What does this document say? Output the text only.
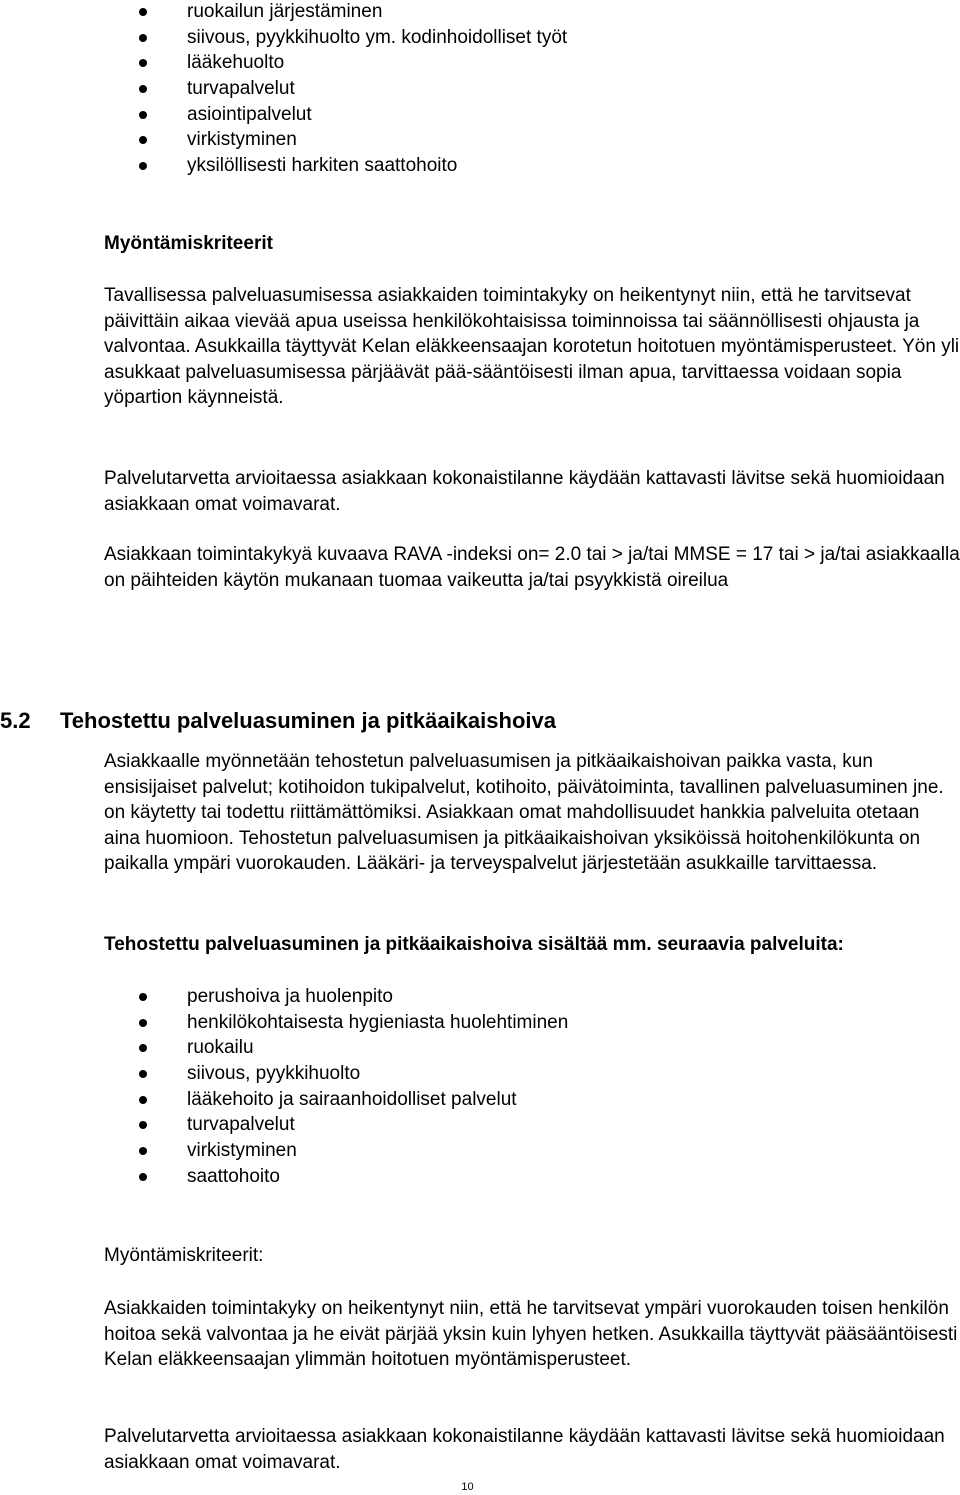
ruokailun järjestäminen
siivous, pyykkihuolto ym. kodinhoidolliset työt
lääkehuolto
turvapalvelut
asiointipalvelut
virkistyminen
yksilöllisesti harkiten saattohoito

Myöntämiskriteerit

Tavallisessa palveluasumisessa asiakkaiden toimintakyky on heikentynyt niin, että he tarvitsevat päivittäin aikaa vievää apua useissa henkilökohtaisissa toiminnoissa tai säännöllisesti ohjausta ja valvontaa. Asukkailla täyttyvät Kelan eläkkeensaajan korotetun hoitotuen myöntämisperusteet. Yön yli asukkaat palveluasumisessa pärjäävät pää-sääntöisesti ilman apua, tarvittaessa voidaan sopia yöpartion käynneistä.

Palvelutarvetta arvioitaessa asiakkaan kokonaistilanne käydään kattavasti lävitse sekä huomioidaan asiakkaan omat voimavarat.

Asiakkaan toimintakykyä kuvaava RAVA -indeksi on= 2.0 tai > ja/tai MMSE = 17 tai > ja/tai asiakkaalla on päihteiden käytön mukanaan tuomaa vaikeutta ja/tai psyykkistä oireilua

5.2 Tehostettu palveluasuminen ja pitkäaikaishoiva

Asiakkaalle myönnetään tehostetun palveluasumisen ja pitkäaikaishoivan paikka vasta, kun ensisijaiset palvelut; kotihoidon tukipalvelut, kotihoito, päivätoiminta, tavallinen palveluasuminen jne. on käytetty tai todettu riittämättömiksi. Asiakkaan omat mahdollisuudet hankkia palveluita otetaan aina huomioon. Tehostetun palveluasumisen ja pitkäaikaishoivan yksiköissä hoitohenkilökunta on paikalla ympäri vuorokauden. Lääkäri- ja terveyspalvelut järjestetään asukkaille tarvittaessa.

Tehostettu palveluasuminen ja pitkäaikaishoiva sisältää mm. seuraavia palveluita:

perushoiva ja huolenpito
henkilökohtaisesta hygieniasta huolehtiminen
ruokailu
siivous, pyykkihuolto
lääkehoito ja sairaanhoidolliset palvelut
turvapalvelut
virkistyminen
saattohoito

Myöntämiskriteerit:

Asiakkaiden toimintakyky on heikentynyt niin, että he tarvitsevat ympäri vuorokauden toisen henkilön hoitoa sekä valvontaa ja he eivät pärjää yksin kuin lyhyen hetken. Asukkailla täyttyvät pääsääntöisesti Kelan eläkkeensaajan ylimmän hoitotuen myöntämisperusteet.

Palvelutarvetta arvioitaessa asiakkaan kokonaistilanne käydään kattavasti lävitse sekä huomioidaan asiakkaan omat voimavarat.

10
